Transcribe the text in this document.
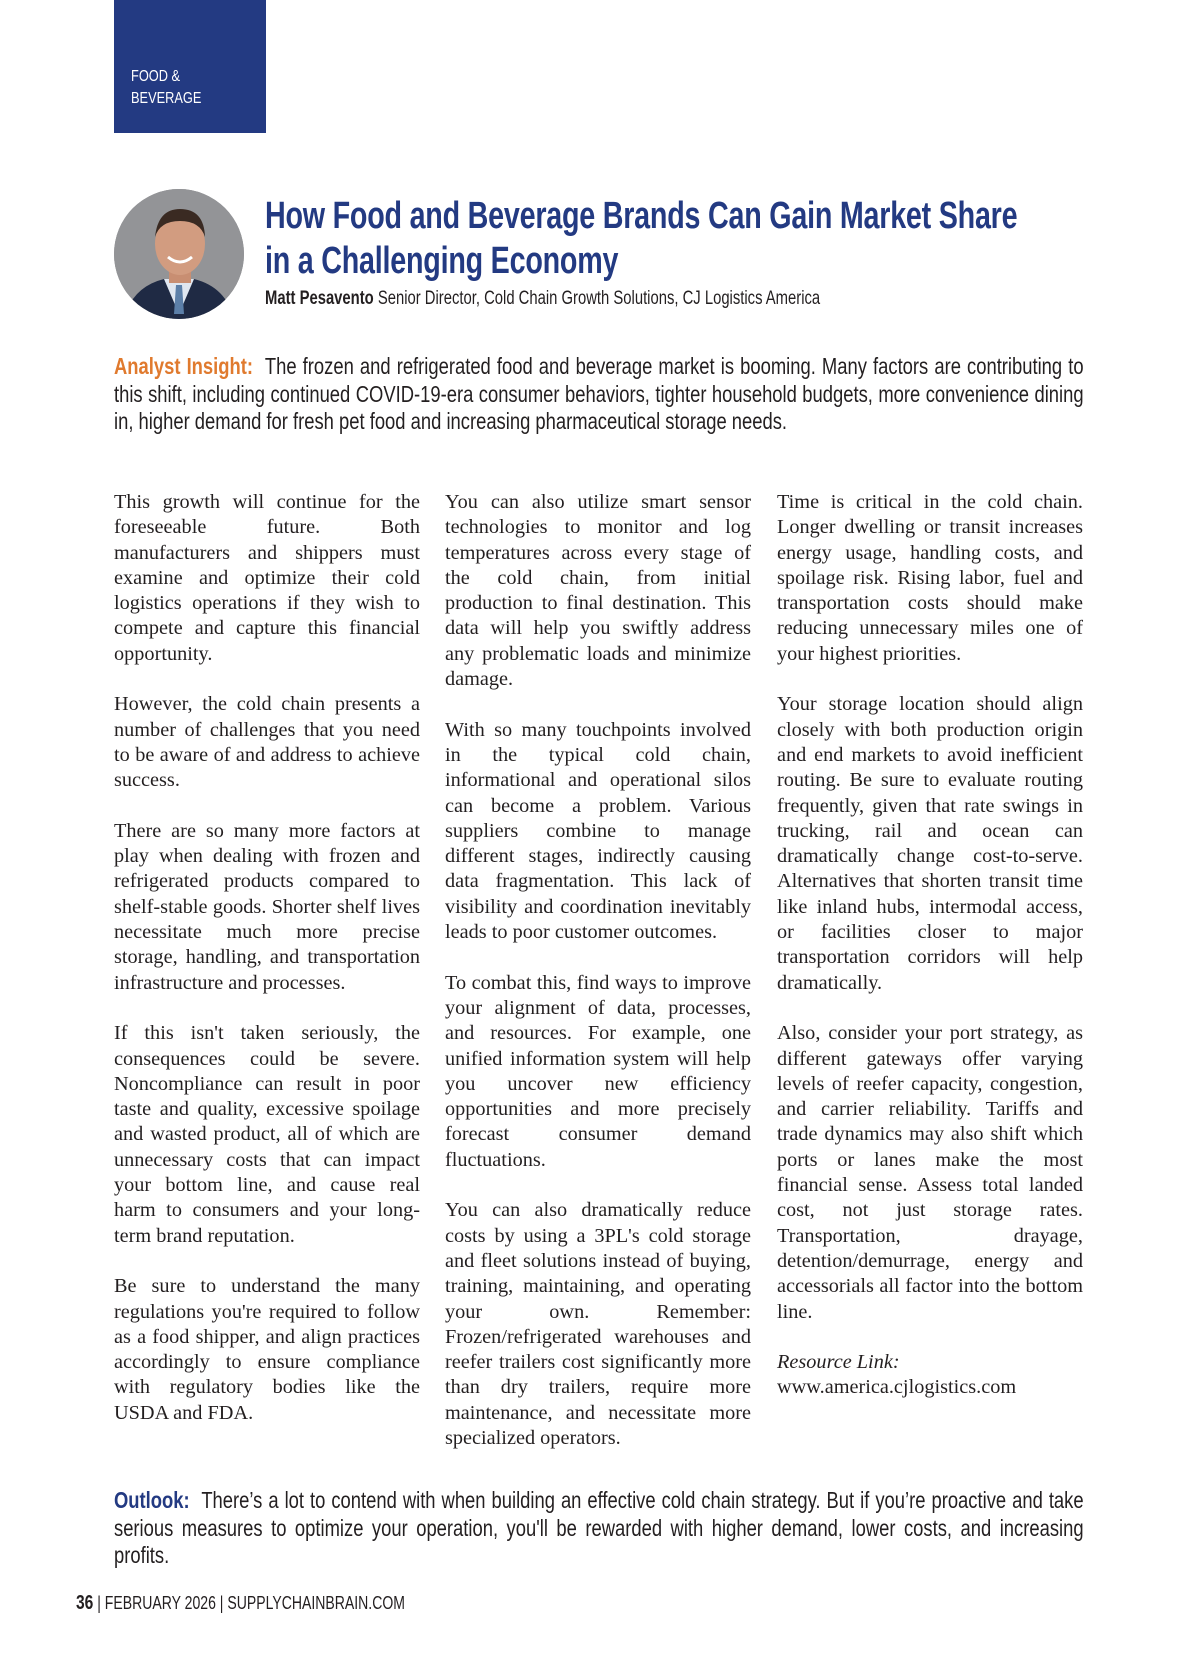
FOOD &
BEVERAGE
How Food and Beverage Brands Can Gain Market Share
in a Challenging Economy
Matt Pesavento Senior Director, Cold Chain Growth Solutions, CJ Logistics America
Analyst Insight: The frozen and refrigerated food and beverage market is booming. Many factors are contributing to this shift, including continued COVID-19-era consumer behaviors, tighter household budgets, more convenience dining in, higher demand for fresh pet food and increasing pharmaceutical storage needs.

This growth will continue for the foreseeable future. Both manufacturers and shippers must examine and optimize their cold logistics operations if they wish to compete and capture this financial opportunity.

However, the cold chain presents a number of challenges that you need to be aware of and address to achieve success.

There are so many more factors at play when dealing with frozen and refrigerated products compared to shelf-stable goods. Shorter shelf lives necessitate much more precise storage, handling, and transportation infrastructure and processes.

If this isn't taken seriously, the consequences could be severe. Noncompliance can result in poor taste and quality, excessive spoilage and wasted product, all of which are unnecessary costs that can impact your bottom line, and cause real harm to consumers and your long-term brand reputation.

Be sure to understand the many regulations you're required to follow as a food shipper, and align practices accordingly to ensure compliance with regulatory bodies like the USDA and FDA.

You can also utilize smart sensor technologies to monitor and log temperatures across every stage of the cold chain, from initial production to final destination. This data will help you swiftly address any problematic loads and minimize damage.

With so many touchpoints involved in the typical cold chain, informational and operational silos can become a problem. Various suppliers combine to manage different stages, indirectly causing data fragmentation. This lack of visibility and coordination inevitably leads to poor customer outcomes.

To combat this, find ways to improve your alignment of data, processes, and resources. For example, one unified information system will help you uncover new efficiency opportunities and more precisely forecast consumer demand fluctuations.

You can also dramatically reduce costs by using a 3PL's cold storage and fleet solutions instead of buying, training, maintaining, and operating your own. Remember: Frozen/refrigerated warehouses and reefer trailers cost significantly more than dry trailers, require more maintenance, and necessitate more specialized operators.

Time is critical in the cold chain. Longer dwelling or transit increases energy usage, handling costs, and spoilage risk. Rising labor, fuel and transportation costs should make reducing unnecessary miles one of your highest priorities.

Your storage location should align closely with both production origin and end markets to avoid inefficient routing. Be sure to evaluate routing frequently, given that rate swings in trucking, rail and ocean can dramatically change cost-to-serve. Alternatives that shorten transit time like inland hubs, intermodal access, or facilities closer to major transportation corridors will help dramatically.

Also, consider your port strategy, as different gateways offer varying levels of reefer capacity, congestion, and carrier reliability. Tariffs and trade dynamics may also shift which ports or lanes make the most financial sense. Assess total landed cost, not just storage rates. Transportation, drayage, detention/demurrage, energy and accessorials all factor into the bottom line.

Resource Link:
www.america.cjlogistics.com
Outlook: There’s a lot to contend with when building an effective cold chain strategy. But if you’re proactive and take serious measures to optimize your operation, you'll be rewarded with higher demand, lower costs, and increasing profits.
36 | FEBRUARY 2026 | SUPPLYCHAINBRAIN.COM
